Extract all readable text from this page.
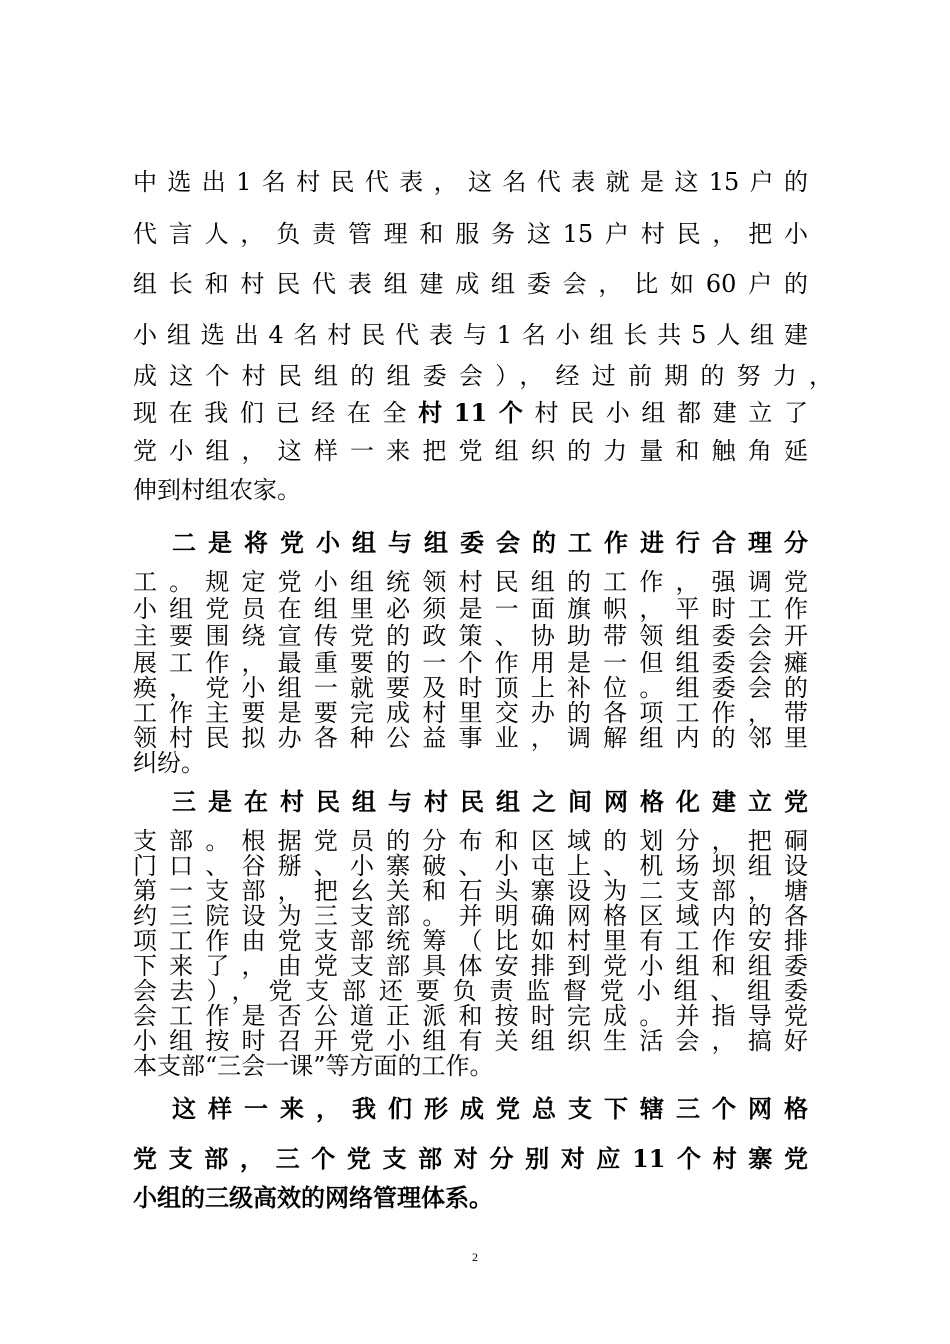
中选出1名村民代表，这名代表就是这15户的
代言人，负责管理和服务这15户村民，把小
组长和村民代表组建成组委会，比如60户的
小组选出4名村民代表与1名小组长共5人组建
成这个村民组的组委会），经过前期的努力，
现在我们已经在全村11个村民小组都建立了
党小组，这样一来把党组织的力量和触角延
伸到村组农家。
二是将党小组与组委会的工作进行合理分
工。规定党小组统领村民组的工作，强调党
小组党员在组里必须是一面旗帜，平时工作
主要围绕宣传党的政策、协助带领组委会开
展工作，最重要的一个作用是一但组委会瘫
痪，党小组一就要及时顶上补位。组委会的
工作主要是要完成村里交办的各项工作，带
领村民拟办各种公益事业，调解组内的邻里
纠纷。
三是在村民组与村民组之间网格化建立党
支部。根据党员的分布和区域的划分，把硐
门口、谷掰、小寨破、小屯上、机场坝组设
第一支部，把幺关和石头寨设为二支部，塘
约三院设为三支部。并明确网格区域内的各
项工作由党支部统筹（比如村里有工作安排
下来了，由党支部具体安排到党小组和组委
会去），党支部还要负责监督党小组、组委
会工作是否公道正派和按时完成。并指导党
小组按时召开党小组有关组织生活会，搞好
本支部“三会一课”等方面的工作。
这样一来，我们形成党总支下辖三个网格
党支部，三个党支部对分别对应11个村寨党
小组的三级高效的网络管理体系。
2
